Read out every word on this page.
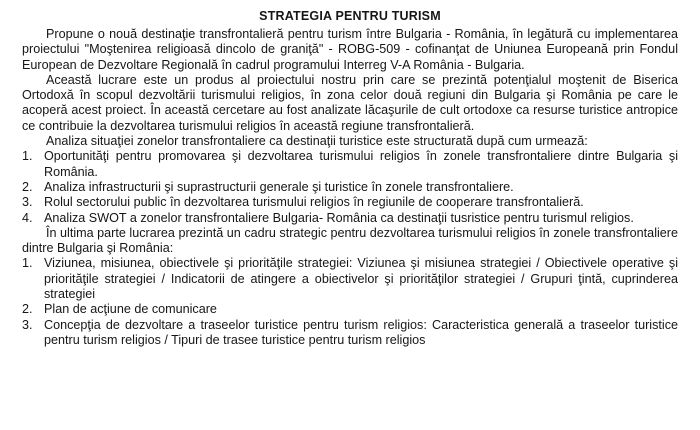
STRATEGIA PENTRU TURISM

Propune o nouă destinaţie transfrontalieră pentru turism între Bulgaria - România, în legătură cu implementarea proiectului "Moştenirea religioasă dincolo de graniţă" - ROBG-509 - cofinanţat de Uniunea Europeană prin Fondul European de Dezvoltare Regională în cadrul programului Interreg V-A România - Bulgaria.

Această lucrare este un produs al proiectului nostru prin care se prezintă potenţialul moştenit de Biserica Ortodoxă în scopul dezvoltării turismului religios, în zona celor două regiuni din Bulgaria şi România pe care le acoperă acest proiect. În această cercetare au fost analizate lăcaşurile de cult ortodoxe ca resurse turistice antropice ce contribuie la dezvoltarea turismului religios în această regiune transfrontalieră.

Analiza situaţiei zonelor transfrontaliere ca destinaţii turistice este structurată după cum urmează:

1. Oportunităţi pentru promovarea şi dezvoltarea turismului religios în zonele transfrontaliere dintre Bulgaria şi România.
2. Analiza infrastructurii şi suprastructurii generale şi turistice în zonele transfrontaliere.
3. Rolul sectorului public în dezvoltarea turismului religios în regiunile de cooperare transfrontalieră.
4. Analiza SWOT a zonelor transfrontaliere Bulgaria- România ca destinaţii tusristice pentru turismul religios.

În ultima parte lucrarea prezintă un cadru strategic pentru dezvoltarea turismului religios în zonele transfrontaliere dintre Bulgaria şi România:

1. Viziunea, misiunea, obiectivele şi priorităţile strategiei: Viziunea şi misiunea strategiei / Obiectivele operative şi priorităţile strategiei / Indicatorii de atingere a obiectivelor şi priorităţilor strategiei / Grupuri ţintă, cuprinderea strategiei
2. Plan de acţiune de comunicare
3. Concepţia de dezvoltare a traseelor turistice pentru turism religios: Caracteristica generală a traseelor turistice pentru turism religios / Tipuri de trasee turistice pentru turism religios
